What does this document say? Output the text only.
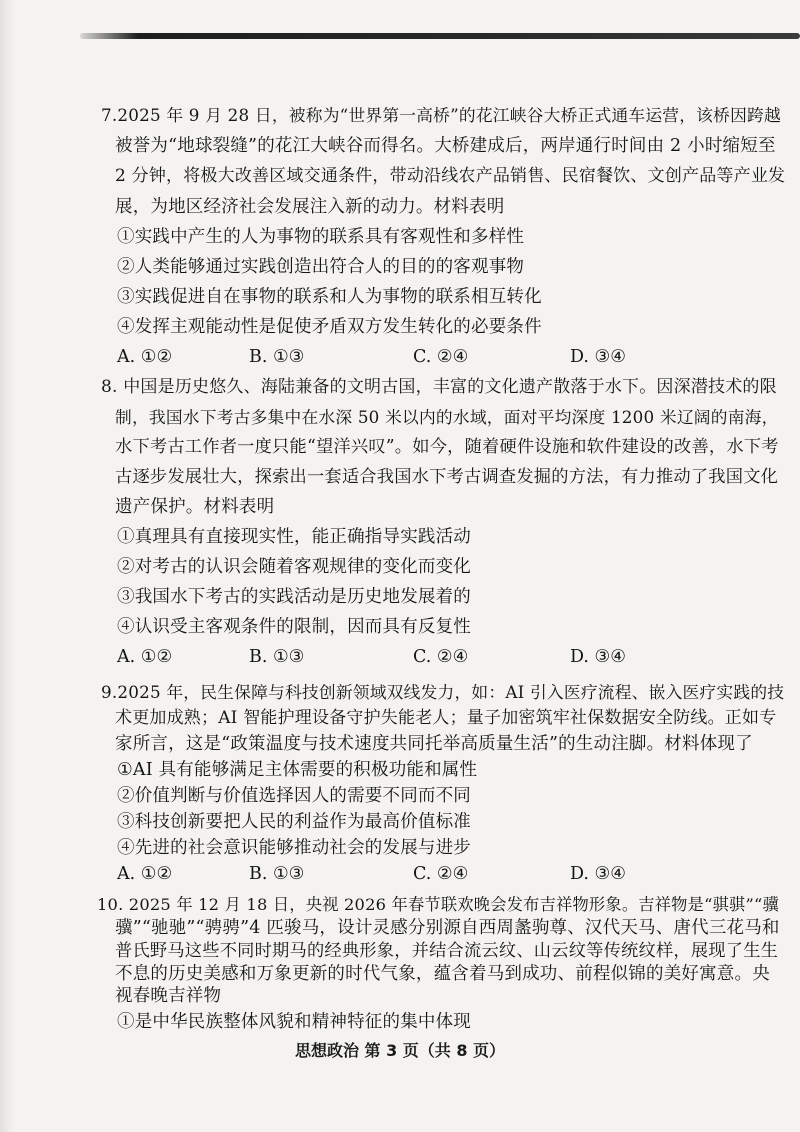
7.2025 年 9 月 28 日，被称为“世界第一高桥”的花江峡谷大桥正式通车运营，该桥因跨越
被誉为“地球裂缝”的花江大峡谷而得名。大桥建成后，两岸通行时间由 2 小时缩短至
2 分钟，将极大改善区域交通条件，带动沿线农产品销售、民宿餐饮、文创产品等产业发
展，为地区经济社会发展注入新的动力。材料表明
①实践中产生的人为事物的联系具有客观性和多样性
②人类能够通过实践创造出符合人的目的的客观事物
③实践促进自在事物的联系和人为事物的联系相互转化
④发挥主观能动性是促使矛盾双方发生转化的必要条件
A. ①②	B. ①③	C. ②④	D. ③④
8. 中国是历史悠久、海陆兼备的文明古国，丰富的文化遗产散落于水下。因深潜技术的限
制，我国水下考古多集中在水深 50 米以内的水域，面对平均深度 1200 米辽阔的南海，
水下考古工作者一度只能“望洋兴叹”。如今，随着硬件设施和软件建设的改善，水下考
古逐步发展壮大，探索出一套适合我国水下考古调查发掘的方法，有力推动了我国文化
遗产保护。材料表明
①真理具有直接现实性，能正确指导实践活动
②对考古的认识会随着客观规律的变化而变化
③我国水下考古的实践活动是历史地发展着的
④认识受主客观条件的限制，因而具有反复性
A. ①②	B. ①③	C. ②④	D. ③④
9.2025 年，民生保障与科技创新领域双线发力，如：AI 引入医疗流程、嵌入医疗实践的技
术更加成熟；AI 智能护理设备守护失能老人；量子加密筑牢社保数据安全防线。正如专
家所言，这是“政策温度与技术速度共同托举高质量生活”的生动注脚。材料体现了
①AI 具有能够满足主体需要的积极功能和属性
②价值判断与价值选择因人的需要不同而不同
③科技创新要把人民的利益作为最高价值标准
④先进的社会意识能够推动社会的发展与进步
A. ①②	B. ①③	C. ②④	D. ③④
10. 2025 年 12 月 18 日，央视 2026 年春节联欢晚会发布吉祥物形象。吉祥物是“骐骐”“骥
骥”“驰驰”“骋骋”4 匹骏马，设计灵感分别源自西周盠驹尊、汉代天马、唐代三花马和
普氏野马这些不同时期马的经典形象，并结合流云纹、山云纹等传统纹样，展现了生生
不息的历史美感和万象更新的时代气象，蕴含着马到成功、前程似锦的美好寓意。央
视春晚吉祥物
①是中华民族整体风貌和精神特征的集中体现
思想政治 第 3 页（共 8 页）
